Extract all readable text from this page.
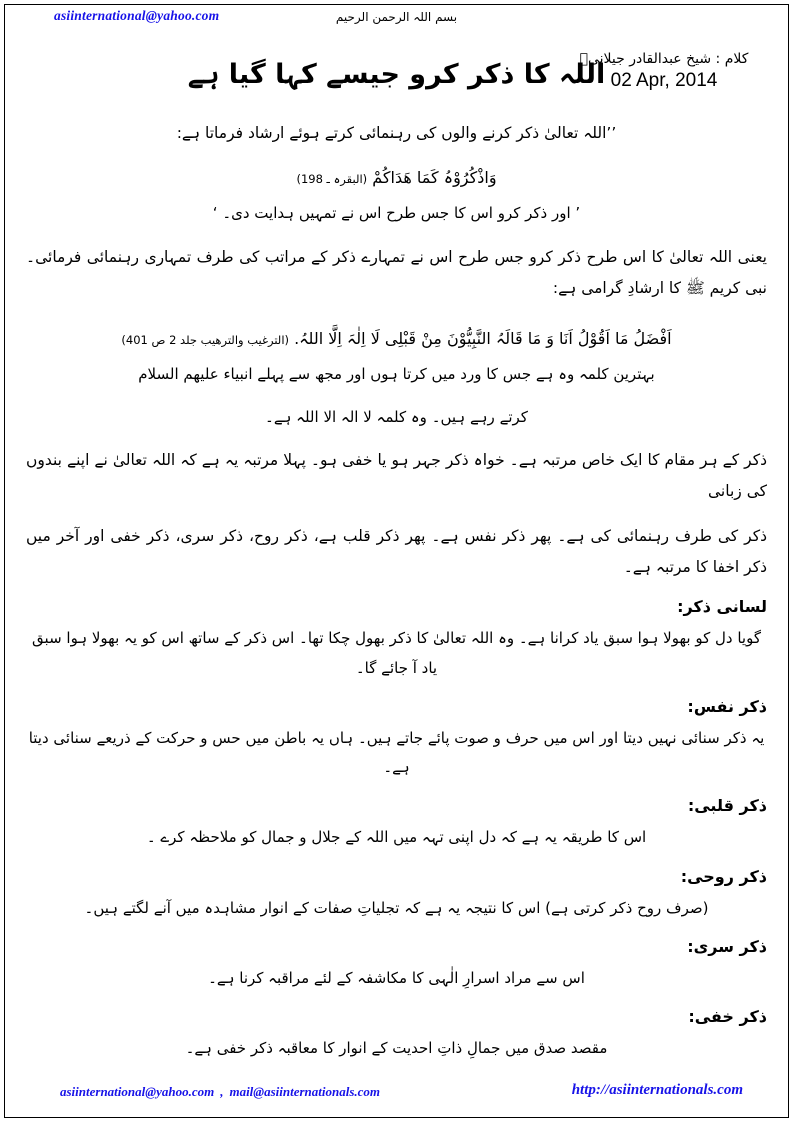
asiinternational@yahoo.com	بسم اللہ الرحمن الرحیم
اللہ کا ذکر کرو جیسے کہا گیا ہے
کلام : شیخ عبدالقادر جیلانیؒ
02 Apr, 2014

’’اللہ تعالیٰ ذکر کرنے والوں کی رہنمائی کرتے ہوئے ارشاد فرماتا ہے:

وَاذْکُرُوْہُ کَمَا ھَدَاکُمْ (البقرہ ـ 198)

’ اور ذکر کرو اس کا جس طرح اس نے تمہیں ہدایت دی۔ ‘

یعنی اللہ تعالیٰ کا اس طرح ذکر کرو جس طرح اس نے تمہارے ذکر کے مراتب کی طرف تمہاری رہنمائی فرمائی۔ نبی کریم ﷺ کا ارشادِ گرامی ہے:

اَفْضَلُ مَا اَقُوْلُ اَنَا وَ مَا قَالَہُ النَّبِیُّوْنَ مِنْ قَبْلِی لَا اِلٰہَ اِلَّا اللہُ. (الترغیب والترھیب جلد 2 ص 401)

بہترین کلمہ وہ ہے جس کا ورد میں کرتا ہوں اور مجھ سے پہلے انبیاء علیھم السلام

کرتے رہے ہیں۔ وہ کلمہ لا الہ الا اللہ ہے۔

ذکر کے ہر مقام کا ایک خاص مرتبہ ہے۔ خواہ ذکر جہر ہو یا خفی ہو۔ پہلا مرتبہ یہ ہے کہ اللہ تعالیٰ نے اپنے بندوں کی زبانی

ذکر کی طرف رہنمائی کی ہے۔ پھر ذکر نفس ہے۔ پھر ذکر قلب ہے، ذکر روح، ذکر سری، ذکر خفی اور آخر میں ذکر اخفا کا مرتبہ ہے۔

لسانی ذکر:

گویا دل کو بھولا ہوا سبق یاد کرانا ہے۔ وہ اللہ تعالیٰ کا ذکر بھول چکا تھا۔ اس ذکر کے ساتھ اس کو یہ بھولا ہوا سبق یاد آ جائے گا۔

ذکر نفس:

یہ ذکر سنائی نہیں دیتا اور اس میں حرف و صوت پائے جاتے ہیں۔ ہاں یہ باطن میں حس و حرکت کے ذریعے سنائی دیتا ہے۔

ذکر قلبی:

اس کا طریقہ یہ ہے کہ دل اپنی تہہ میں اللہ کے جلال و جمال کو ملاحظہ کرے ۔

ذکر روحی:

(صرف روح ذکر کرتی ہے) اس کا نتیجہ یہ ہے کہ تجلیاتِ صفات کے انوار مشاہدہ میں آنے لگتے ہیں۔

ذکر سری:

اس سے مراد اسرارِ الٰہی کا مکاشفہ کے لئے مراقبہ کرنا ہے۔

ذکر خفی:

مقصد صدق میں جمالِ ذاتِ احدیت کے انوار کا معاقبہ ذکر خفی ہے۔

asiinternational@yahoo.com , mail@asiinternationals.com	http://asiinternationals.com
